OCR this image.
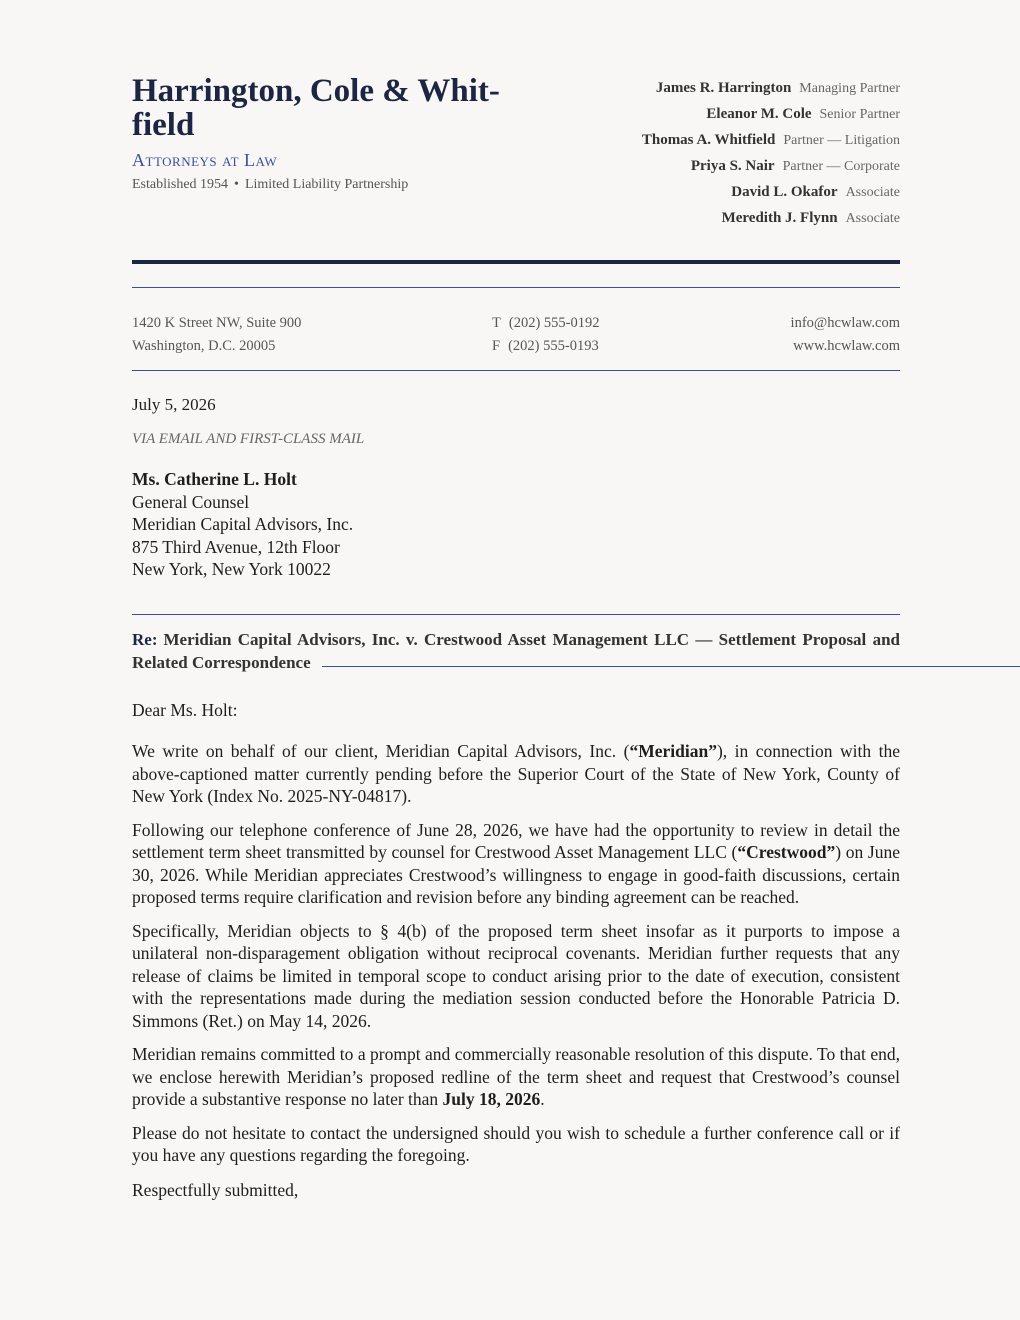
Harrington, Cole & Whit-field
Attorneys at Law
Established 1954 • Limited Liability Partnership
James R. Harrington Managing Partner
Eleanor M. Cole Senior Partner
Thomas A. Whitfield Partner — Litigation
Priya S. Nair Partner — Corporate
David L. Okafor Associate
Meredith J. Flynn Associate
1420 K Street NW, Suite 900
Washington, D.C. 20005
T (202) 555-0192
F (202) 555-0193
info@hcwlaw.com
www.hcwlaw.com
July 5, 2026
VIA EMAIL AND FIRST-CLASS MAIL
Ms. Catherine L. Holt
General Counsel
Meridian Capital Advisors, Inc.
875 Third Avenue, 12th Floor
New York, New York 10022
Re: Meridian Capital Advisors, Inc. v. Crestwood Asset Management LLC — Settlement Proposal and Related Correspondence
Dear Ms. Holt:

We write on behalf of our client, Meridian Capital Advisors, Inc. (“Meridian”), in connection with the above-captioned matter currently pending before the Superior Court of the State of New York, County of New York (Index No. 2025-NY-04817).

Following our telephone conference of June 28, 2026, we have had the opportunity to review in detail the settlement term sheet transmitted by counsel for Crestwood Asset Management LLC (“Crestwood”) on June 30, 2026. While Meridian appreciates Crestwood’s willingness to engage in good-faith discussions, certain proposed terms require clarification and revision before any binding agreement can be reached.

Specifically, Meridian objects to § 4(b) of the proposed term sheet insofar as it purports to impose a unilateral non-disparagement obligation without reciprocal covenants. Meridian further requests that any release of claims be limited in temporal scope to conduct arising prior to the date of execution, consistent with the representations made during the mediation session conducted before the Honorable Patricia D. Simmons (Ret.) on May 14, 2026.

Meridian remains committed to a prompt and commercially reasonable resolution of this dispute. To that end, we enclose herewith Meridian’s proposed redline of the term sheet and request that Crestwood’s counsel provide a substantive response no later than July 18, 2026.

Please do not hesitate to contact the undersigned should you wish to schedule a further conference call or if you have any questions regarding the foregoing.

Respectfully submitted,
